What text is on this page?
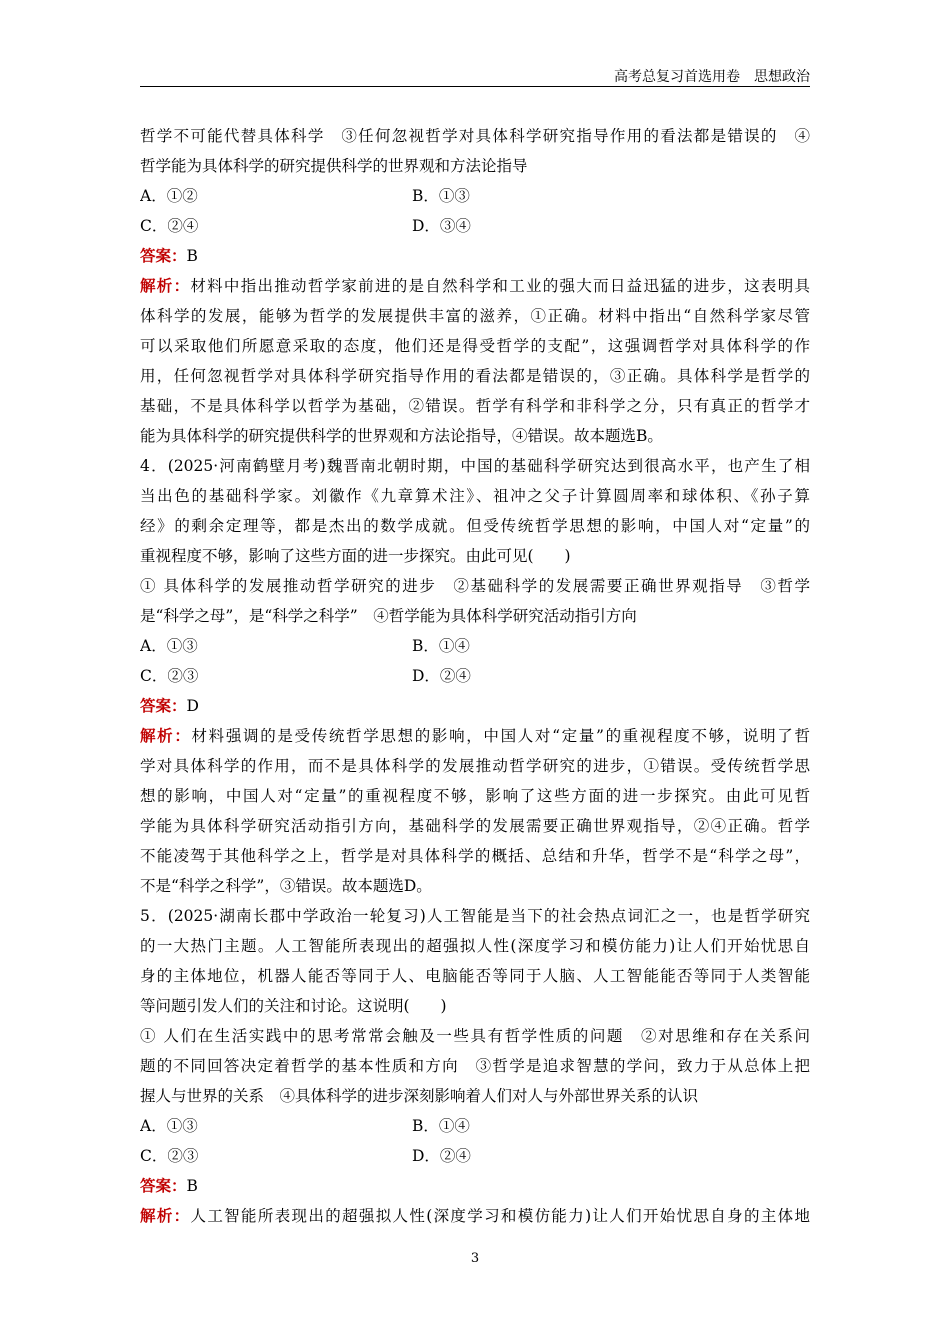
高考总复习首选用卷　思想政治
哲学不可能代替具体科学　③任何忽视哲学对具体科学研究指导作用的看法都是错误的　④
哲学能为具体科学的研究提供科学的世界观和方法论指导
A．①②	B．①③
C．②④	D．③④
答案：B
解析：材料中指出推动哲学家前进的是自然科学和工业的强大而日益迅猛的进步，这表明具
体科学的发展，能够为哲学的发展提供丰富的滋养，①正确。材料中指出“自然科学家尽管
可以采取他们所愿意采取的态度，他们还是得受哲学的支配”，这强调哲学对具体科学的作
用，任何忽视哲学对具体科学研究指导作用的看法都是错误的，③正确。具体科学是哲学的
基础，不是具体科学以哲学为基础，②错误。哲学有科学和非科学之分，只有真正的哲学才
能为具体科学的研究提供科学的世界观和方法论指导，④错误。故本题选B。
4．(2025·河南鹤壁月考)魏晋南北朝时期，中国的基础科学研究达到很高水平，也产生了相
当出色的基础科学家。刘徽作《九章算术注》、祖冲之父子计算圆周率和球体积、《孙子算
经》的剩余定理等，都是杰出的数学成就。但受传统哲学思想的影响，中国人对“定量”的
重视程度不够，影响了这些方面的进一步探究。由此可见(　　)
① 具体科学的发展推动哲学研究的进步　②基础科学的发展需要正确世界观指导　③哲学
是“科学之母”，是“科学之科学”　④哲学能为具体科学研究活动指引方向
A．①③	B．①④
C．②③	D．②④
答案：D
解析：材料强调的是受传统哲学思想的影响，中国人对“定量”的重视程度不够，说明了哲
学对具体科学的作用，而不是具体科学的发展推动哲学研究的进步，①错误。受传统哲学思
想的影响，中国人对“定量”的重视程度不够，影响了这些方面的进一步探究。由此可见哲
学能为具体科学研究活动指引方向，基础科学的发展需要正确世界观指导，②④正确。哲学
不能凌驾于其他科学之上，哲学是对具体科学的概括、总结和升华，哲学不是“科学之母”，
不是“科学之科学”，③错误。故本题选D。
5．(2025·湖南长郡中学政治一轮复习)人工智能是当下的社会热点词汇之一，也是哲学研究
的一大热门主题。人工智能所表现出的超强拟人性(深度学习和模仿能力)让人们开始忧思自
身的主体地位，机器人能否等同于人、电脑能否等同于人脑、人工智能能否等同于人类智能
等问题引发人们的关注和讨论。这说明(　　)
① 人们在生活实践中的思考常常会触及一些具有哲学性质的问题　②对思维和存在关系问
题的不同回答决定着哲学的基本性质和方向　③哲学是追求智慧的学问，致力于从总体上把
握人与世界的关系　④具体科学的进步深刻影响着人们对人与外部世界关系的认识
A．①③	B．①④
C．②③	D．②④
答案：B
解析：人工智能所表现出的超强拟人性(深度学习和模仿能力)让人们开始忧思自身的主体地
3
